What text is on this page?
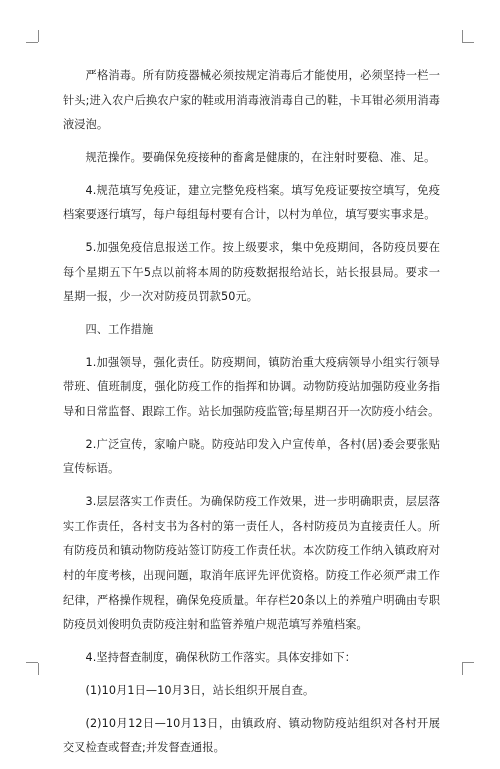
严格消毒。所有防疫器械必须按规定消毒后才能使用，必须坚持一栏一针头;进入农户后换农户家的鞋或用消毒液消毒自己的鞋，卡耳钳必须用消毒液浸泡。

规范操作。要确保免疫接种的畜禽是健康的，在注射时要稳、准、足。

4.规范填写免疫证，建立完整免疫档案。填写免疫证要按空填写，免疫档案要逐行填写，每户每组每村要有合计，以村为单位，填写要实事求是。

5.加强免疫信息报送工作。按上级要求，集中免疫期间，各防疫员要在每个星期五下午5点以前将本周的防疫数据报给站长，站长报县局。要求一星期一报，少一次对防疫员罚款50元。

四、工作措施

1.加强领导，强化责任。防疫期间，镇防治重大疫病领导小组实行领导带班、值班制度，强化防疫工作的指挥和协调。动物防疫站加强防疫业务指导和日常监督、跟踪工作。站长加强防疫监管;每星期召开一次防疫小结会。

2.广泛宣传，家喻户晓。防疫站印发入户宣传单，各村(居)委会要张贴宣传标语。

3.层层落实工作责任。为确保防疫工作效果，进一步明确职责，层层落实工作责任，各村支书为各村的第一责任人，各村防疫员为直接责任人。所有防疫员和镇动物防疫站签订防疫工作责任状。本次防疫工作纳入镇政府对村的年度考核，出现问题，取消年底评先评优资格。防疫工作必须严肃工作纪律，严格操作规程，确保免疫质量。年存栏20条以上的养殖户明确由专职防疫员刘俊明负责防疫注射和监管养殖户规范填写养殖档案。

4.坚持督查制度，确保秋防工作落实。具体安排如下：

(1)10月1日—10月3日，站长组织开展自查。

(2)10月12日—10月13日，由镇政府、镇动物防疫站组织对各村开展交叉检查或督查;并发督查通报。
